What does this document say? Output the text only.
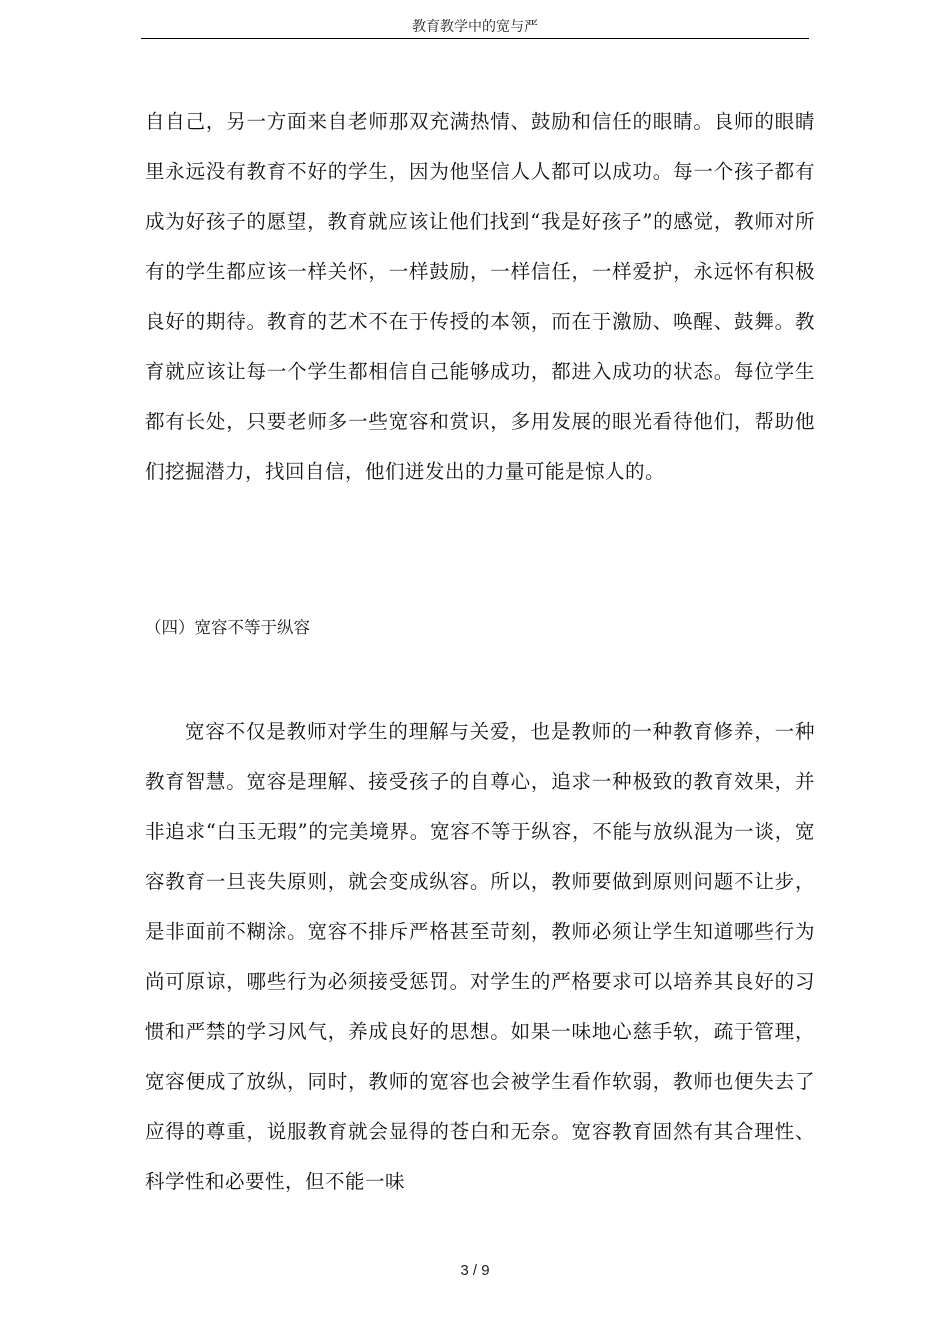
教育教学中的宽与严

自自己，另一方面来自老师那双充满热情、鼓励和信任的眼睛。良师的眼睛里永远没有教育不好的学生，因为他坚信人人都可以成功。每一个孩子都有成为好孩子的愿望，教育就应该让他们找到“我是好孩子”的感觉，教师对所有的学生都应该一样关怀，一样鼓励，一样信任，一样爱护，永远怀有积极良好的期待。教育的艺术不在于传授的本领，而在于激励、唤醒、鼓舞。教育就应该让每一个学生都相信自己能够成功，都进入成功的状态。每位学生都有长处，只要老师多一些宽容和赏识，多用发展的眼光看待他们，帮助他们挖掘潜力，找回自信，他们迸发出的力量可能是惊人的。

（四）宽容不等于纵容

宽容不仅是教师对学生的理解与关爱，也是教师的一种教育修养，一种教育智慧。宽容是理解、接受孩子的自尊心，追求一种极致的教育效果，并非追求“白玉无瑕”的完美境界。宽容不等于纵容，不能与放纵混为一谈，宽容教育一旦丧失原则，就会变成纵容。所以，教师要做到原则问题不让步，是非面前不糊涂。宽容不排斥严格甚至苛刻，教师必须让学生知道哪些行为尚可原谅，哪些行为必须接受惩罚。对学生的严格要求可以培养其良好的习惯和严禁的学习风气，养成良好的思想。如果一味地心慈手软，疏于管理，宽容便成了放纵，同时，教师的宽容也会被学生看作软弱，教师也便失去了应得的尊重，说服教育就会显得的苍白和无奈。宽容教育固然有其合理性、科学性和必要性，但不能一味

3 / 9
